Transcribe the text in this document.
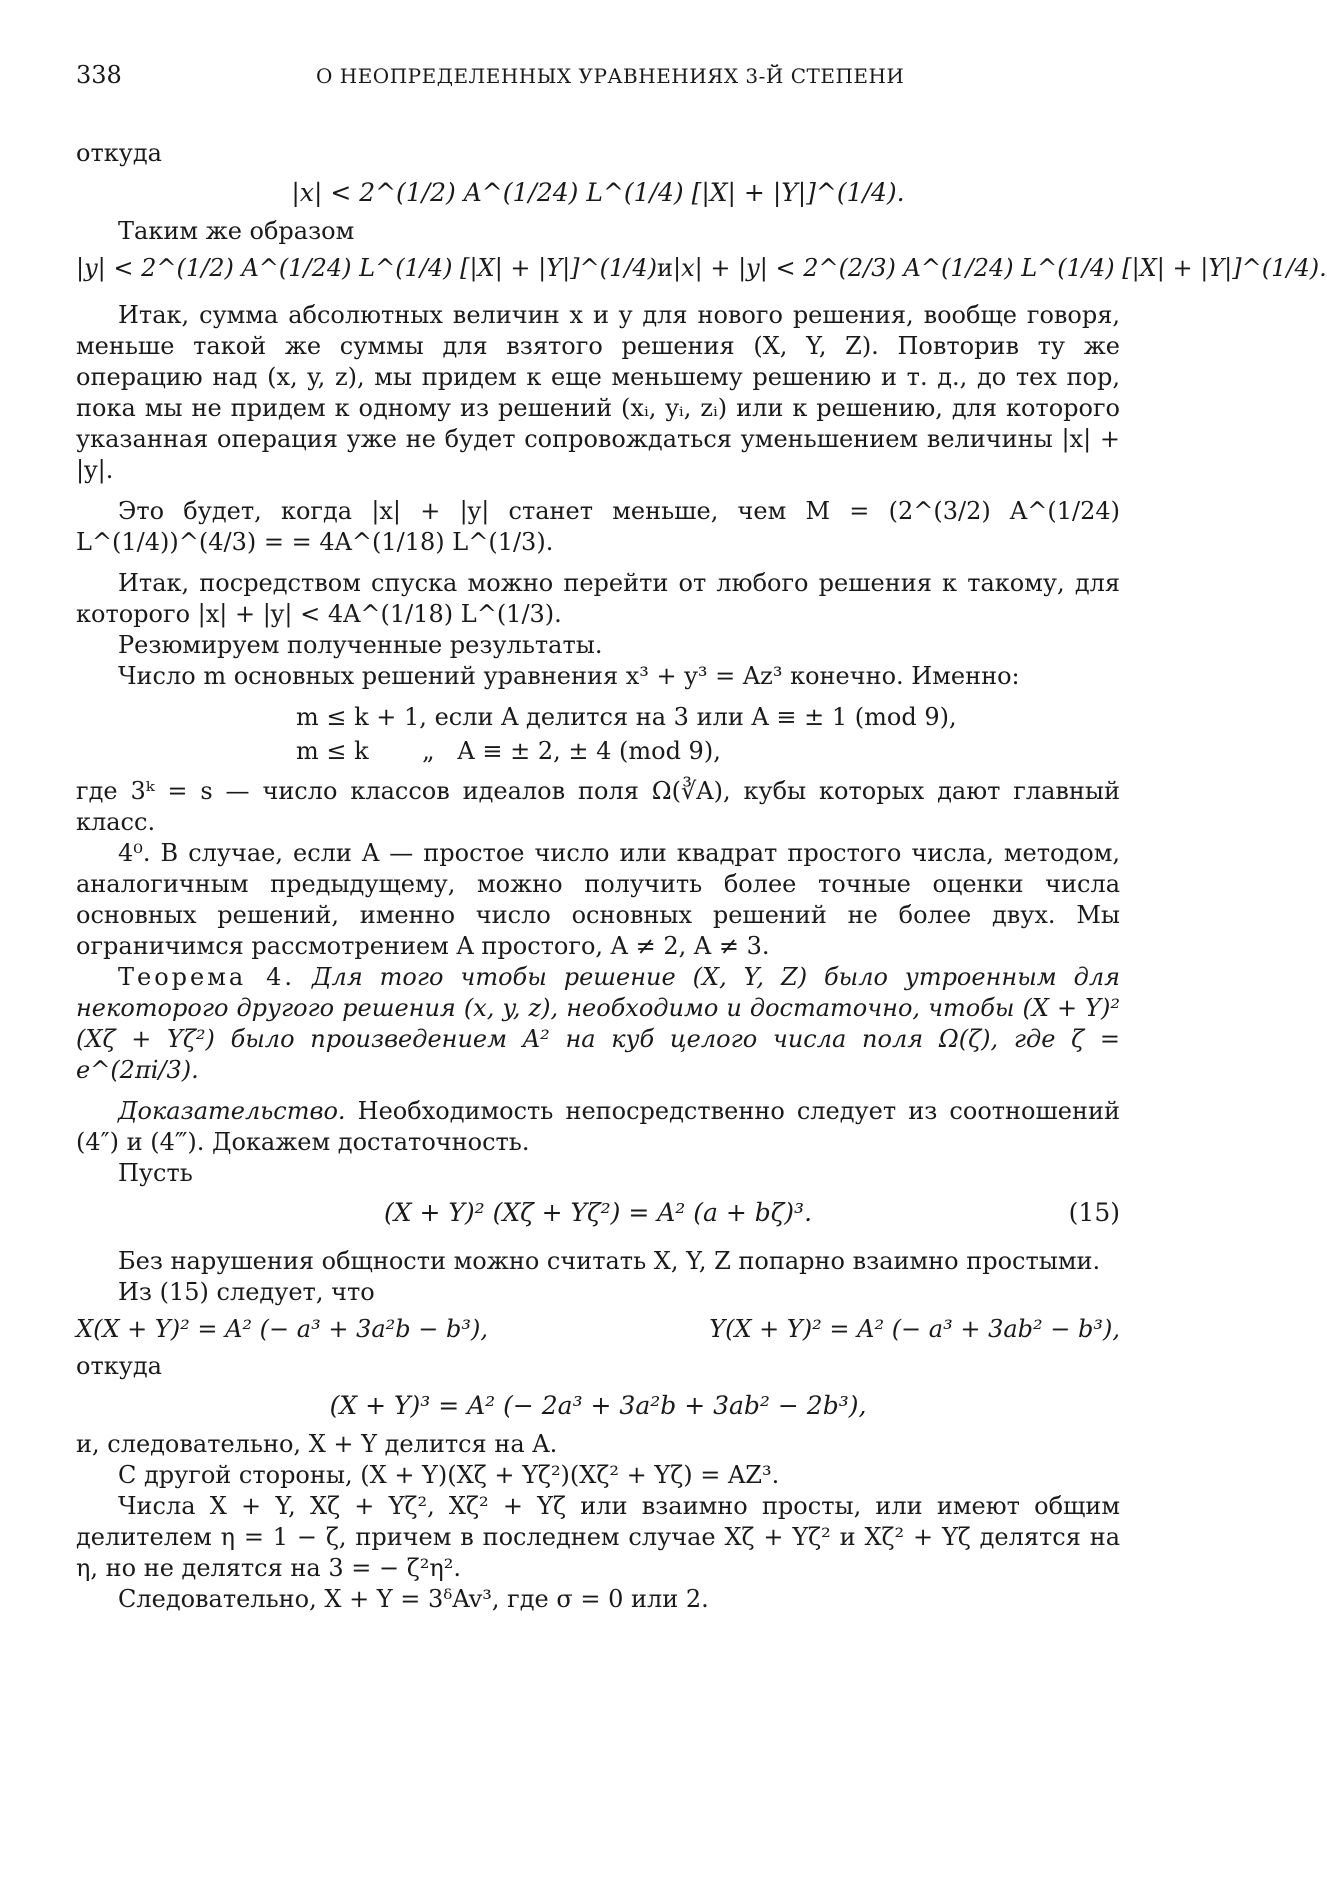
338	О НЕОПРЕДЕЛЕННЫХ УРАВНЕНИЯХ 3-Й СТЕПЕНИ

откуда

|x| < 2^(1/2) A^(1/24) L^(1/4) [|X| + |Y|]^(1/4).

Таким же образом

|y| < 2^(1/2) A^(1/24) L^(1/4) [|X| + |Y|]^(1/4) и |x| + |y| < 2^(2/3) A^(1/24) L^(1/4) [|X| + |Y|]^(1/4).

Итак, сумма абсолютных величин x и y для нового решения, вообще говоря, меньше такой же суммы для взятого решения (X, Y, Z). Повторив ту же операцию над (x, y, z), мы придем к еще меньшему решению и т. д., до тех пор, пока мы не придем к одному из решений (xᵢ, yᵢ, zᵢ) или к решению, для которого указанная операция уже не будет сопровождаться уменьшением величины |x| + |y|.

Это будет, когда |x| + |y| станет меньше, чем M = (2^(3/2) A^(1/24) L^(1/4))^(4/3) = = 4A^(1/18) L^(1/3).

Итак, посредством спуска можно перейти от любого решения к такому, для которого |x| + |y| < 4A^(1/18) L^(1/3).

Резюмируем полученные результаты.

Число m основных решений уравнения x³ + y³ = Az³ конечно. Именно:

m ≤ k + 1, если A делится на 3 или A ≡ ± 1 (mod 9),
m ≤ k       „   A ≡ ± 2, ± 4 (mod 9),

где 3ᵏ = s — число классов идеалов поля Ω(∛A), кубы которых дают главный класс.

4⁰. В случае, если A — простое число или квадрат простого числа, методом, аналогичным предыдущему, можно получить более точные оценки числа основных решений, именно число основных решений не более двух. Мы ограничимся рассмотрением A простого, A ≠ 2, A ≠ 3.

Теорема 4. Для того чтобы решение (X, Y, Z) было утроенным для некоторого другого решения (x, y, z), необходимо и достаточно, чтобы (X + Y)² (Xζ + Yζ²) было произведением A² на куб целого числа поля Ω(ζ), где ζ = e^(2πi/3).

Доказательство. Необходимость непосредственно следует из соотношений (4″) и (4‴). Докажем достаточность.

Пусть

(X + Y)² (Xζ + Yζ²) = A² (a + bζ)³.	(15)

Без нарушения общности можно считать X, Y, Z попарно взаимно простыми.

Из (15) следует, что

X(X + Y)² = A² (− a³ + 3a²b − b³),	Y(X + Y)² = A² (− a³ + 3ab² − b³),

откуда

(X + Y)³ = A² (− 2a³ + 3a²b + 3ab² − 2b³),

и, следовательно, X + Y делится на A.

С другой стороны, (X + Y)(Xζ + Yζ²)(Xζ² + Yζ) = AZ³.

Числа X + Y, Xζ + Yζ², Xζ² + Yζ или взаимно просты, или имеют общим делителем η = 1 − ζ, причем в последнем случае Xζ + Yζ² и Xζ² + Yζ делятся на η, но не делятся на 3 = − ζ²η².

Следовательно, X + Y = 3ᵟAv³, где σ = 0 или 2.
